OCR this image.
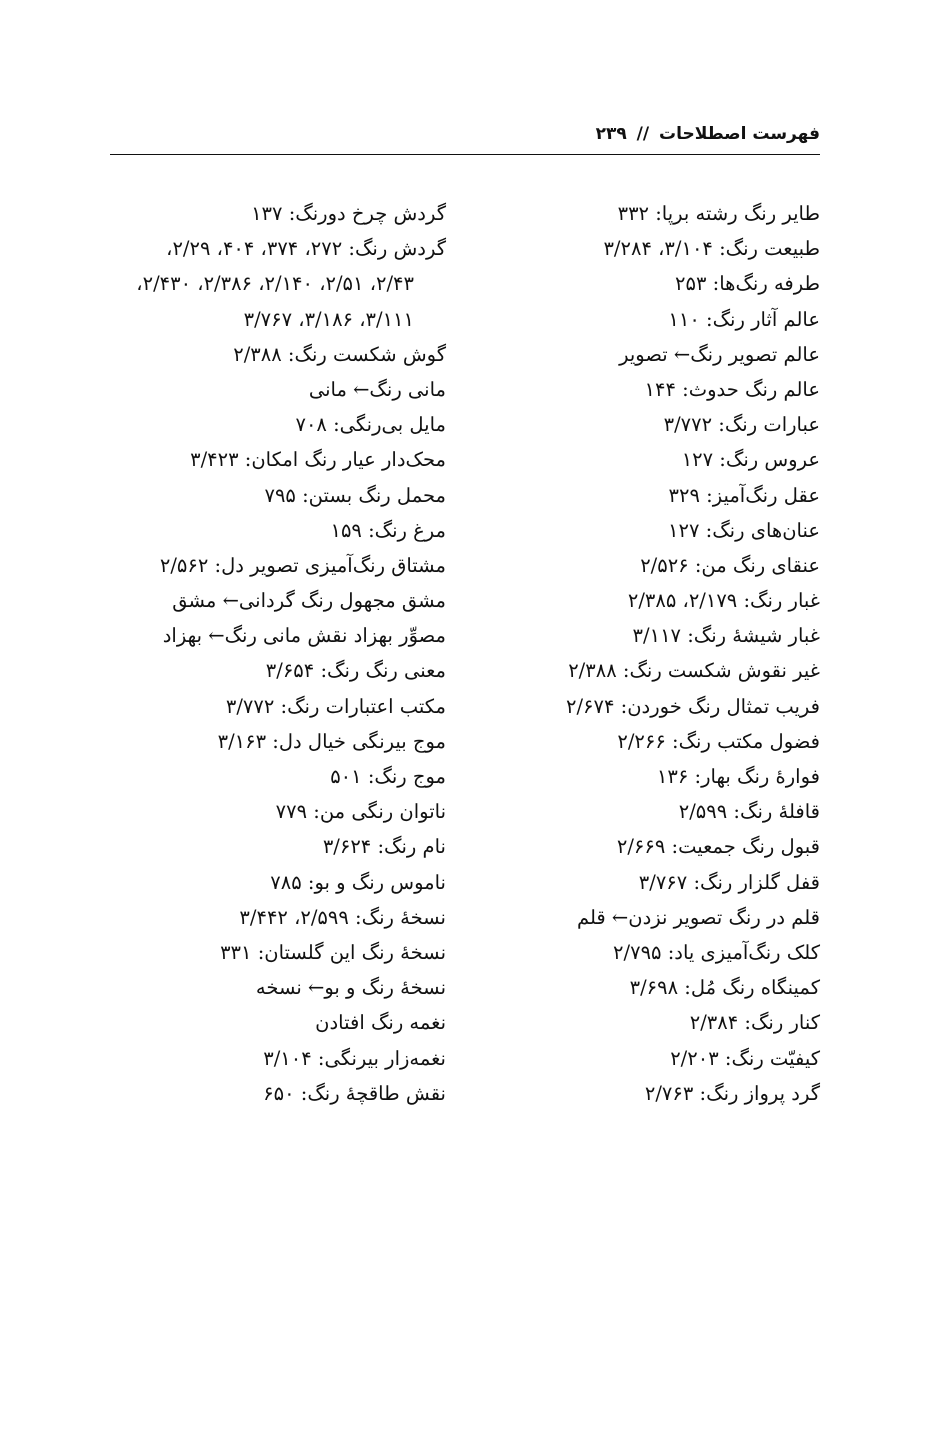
فهرست اصطلاحات // ۲۳۹
طایر رنگ رشته برپا: ۳۳۲
طبیعت رنگ: ۳/۱۰۴، ۳/۲۸۴
طرفه رنگ‌ها: ۲۵۳
عالم آثار رنگ: ۱۱۰
عالم تصویر رنگ← تصویر
عالم رنگ حدوث: ۱۴۴
عبارات رنگ: ۳/۷۷۲
عروس رنگ: ۱۲۷
عقل رنگ‌آمیز: ۳۲۹
عنان‌های رنگ: ۱۲۷
عنقای رنگ من: ۲/۵۲۶
غبار رنگ: ۲/۱۷۹، ۲/۳۸۵
غبار شیشهٔ رنگ: ۳/۱۱۷
غیر نقوش شکست رنگ: ۲/۳۸۸
فریب تمثال رنگ خوردن: ۲/۶۷۴
فضول مکتب رنگ: ۲/۲۶۶
فوارهٔ رنگ بهار: ۱۳۶
قافلهٔ رنگ: ۲/۵۹۹
قبول رنگ جمعیت: ۲/۶۶۹
قفل گلزار رنگ: ۳/۷۶۷
قلم در رنگ تصویر نزدن← قلم
کلک رنگ‌آمیزی یاد: ۲/۷۹۵
کمینگاه رنگ مُل: ۳/۶۹۸
کنار رنگ: ۲/۳۸۴
کیفیّت رنگ: ۲/۲۰۳
گرد پرواز رنگ: ۲/۷۶۳
گردش چرخ دورنگ: ۱۳۷
گردش رنگ: ۲۷۲، ۳۷۴، ۴۰۴، ۲/۲۹،
۲/۴۳، ۲/۵۱، ۲/۱۴۰، ۲/۳۸۶، ۲/۴۳۰،
۳/۱۱۱، ۳/۱۸۶، ۳/۷۶۷
گوش شکست رنگ: ۲/۳۸۸
مانی رنگ← مانی
مایل بی‌رنگی: ۷۰۸
محک‌دار عیار رنگ امکان: ۳/۴۲۳
محمل رنگ بستن: ۷۹۵
مرغ رنگ: ۱۵۹
مشتاق رنگ‌آمیزی تصویر دل: ۲/۵۶۲
مشق مجهول رنگ گردانی← مشق
مصوِّر بهزاد نقش مانی رنگ← بهزاد
معنی رنگ رنگ: ۳/۶۵۴
مکتب اعتبارات رنگ: ۳/۷۷۲
موج بیرنگی خیال دل: ۳/۱۶۳
موج رنگ: ۵۰۱
ناتوان رنگی من: ۷۷۹
نام رنگ: ۳/۶۲۴
ناموس رنگ و بو: ۷۸۵
نسخهٔ رنگ: ۲/۵۹۹، ۳/۴۴۲
نسخهٔ رنگ این گلستان: ۳۳۱
نسخهٔ رنگ و بو← نسخه
نغمه رنگ افتادن
نغمه‌زار بیرنگی: ۳/۱۰۴
نقش طاقچهٔ رنگ: ۶۵۰
